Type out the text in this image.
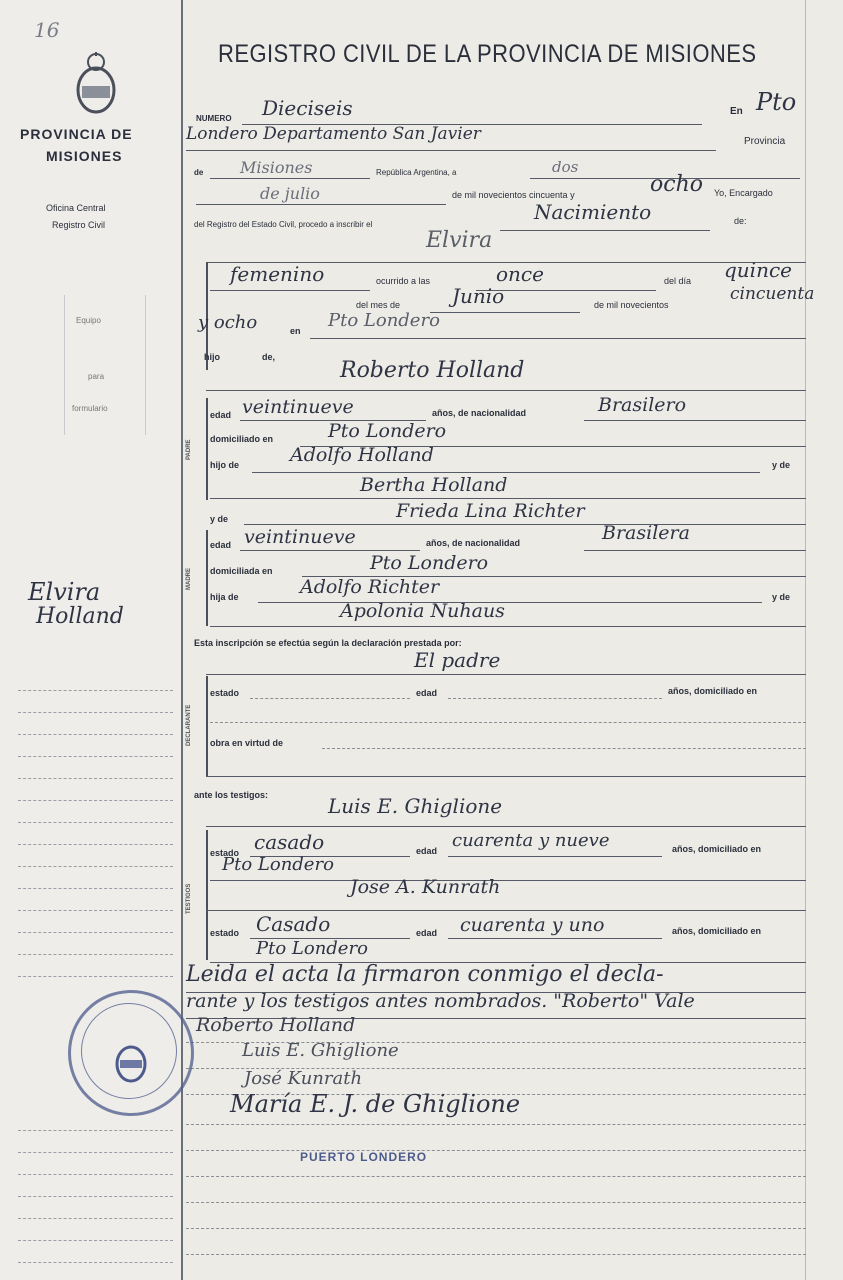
16
PROVINCIA DE
MISIONES
Oficina Central
Registro Civil
Equipo
para
formulario
Elvira
Holland
REGISTRO CIVIL DE LA PROVINCIA DE MISIONES
NUMERO Dieciseis	En Pto
Londero Departamento San Javier	Provincia
de Misiones	República Argentina, a	dos
de julio	de mil novecientos cincuenta y	ocho Yo, Encargado
del Registro del Estado Civil, procedo a inscribir el
Nacimiento	de:
Elvira
femenino	ocurrido a las	once	del día quince
del mes de	Junio	de mil novecientos
cincuenta
y ocho	en Pto Londero
hijo	de,
Roberto Holland
PADRE
edad veintinueve	años, de nacionalidad	Brasilero
domiciliado en	Pto Londero
hijo de	Adolfo Holland	y de
Bertha Holland
y de	Frieda Lina Richter
MADRE
edad veintinueve	años, de nacionalidad	Brasilera
domiciliada en	Pto Londero
hija de	Adolfo Richter	y de
Apolonia Nuhaus
Esta inscripción se efectúa según la declaración prestada por:
El padre
DECLARANTE
estado	edad	años, domiciliado en
obra en virtud de
ante los testigos:	Luis E. Ghiglione
TESTIGOS
estado casado	edad cuarenta y nueve	años, domiciliado en
Pto Londero
Jose A. Kunrath
estado Casado	edad cuarenta y uno	años, domiciliado en
Pto Londero
Leida el acta la firmaron conmigo el decla-
rante y los testigos antes nombrados. "Roberto" Vale
Roberto Holland
Luis E. Ghiglione
José Kunrath
María E. J. de Ghiglione
PUERTO LONDERO
